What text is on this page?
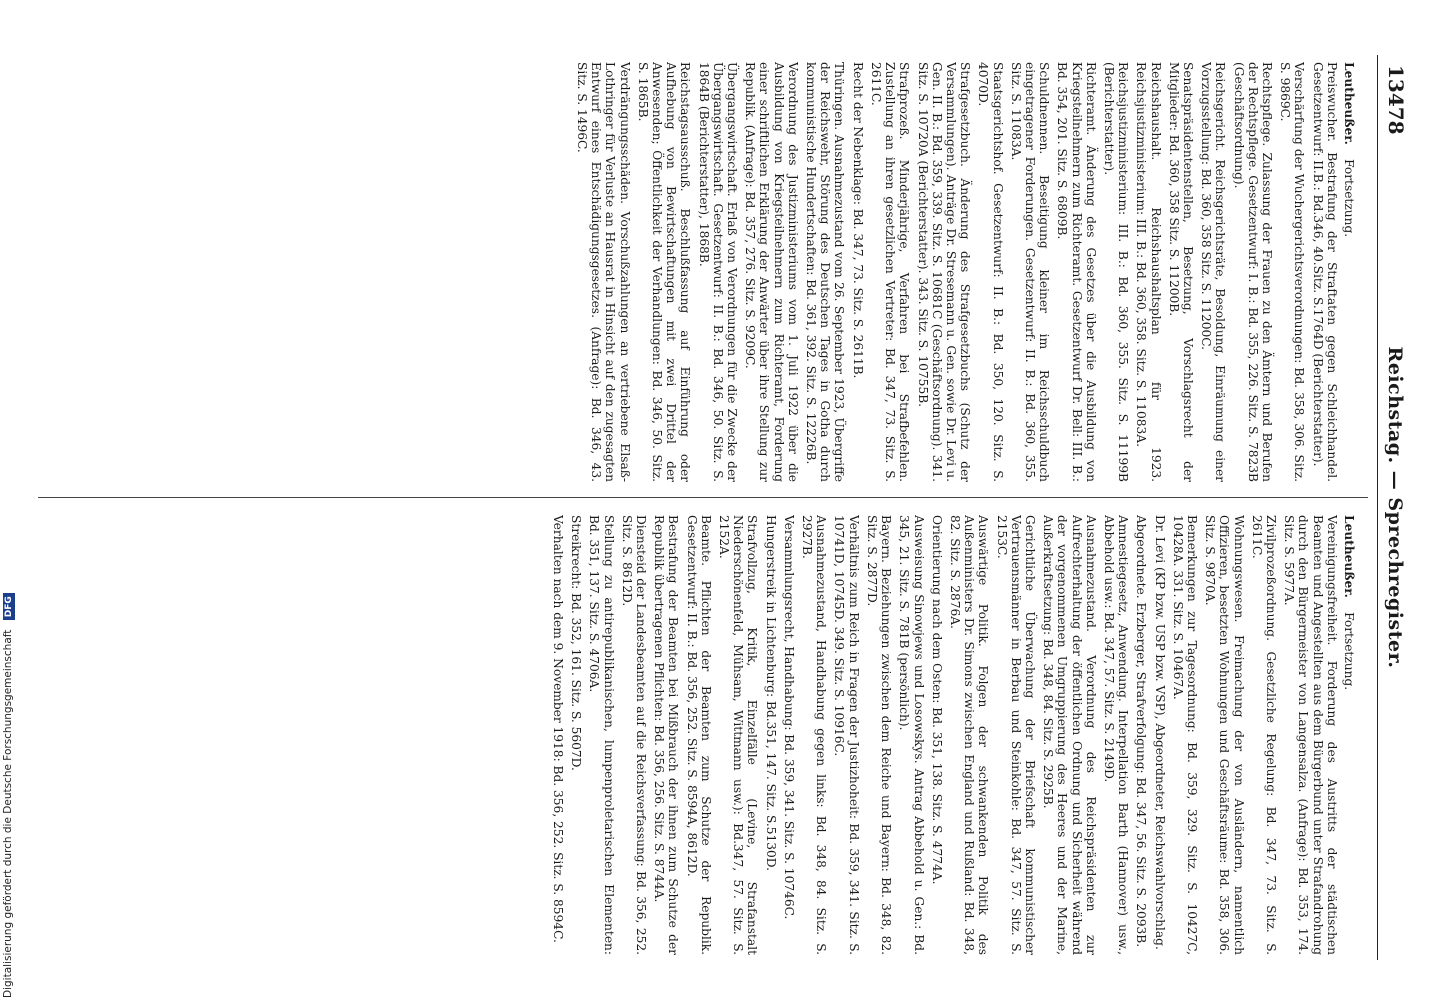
13478
Reichstag. — Sprechregister.
Leutheußer. Fortsetzung.

Preiswucher. Bestrafung der Straftaten gegen Schleichhandel. Gesetzentwurf: II.B.: Bd.346, 40.Sitz. S.1764D (Berichterstatter).

Verschärfung der Wuchergerichtsverordnungen: Bd. 358, 306. Sitz. S. 9869C.

Rechtspflege. Zulassung der Frauen zu den Ämtern und Berufen der Rechtspflege. Gesetzentwurf: I. B.: Bd. 355, 226. Sitz. S. 7823B (Geschäftsordnung).

Reichsgericht. Reichsgerichtsräte, Besoldung, Einräumung einer Vorzugsstellung: Bd. 360, 358 Sitz. S. 11200C.

Senatspräsidentenstellen, Besetzung, Vorschlagsrecht der Mitglieder: Bd. 360, 358 Sitz. S. 11200B.

Reichshaushalt. Reichshaushaltsplan für 1923. Reichsjustizministerium: III. B.: Bd. 360, 358. Sitz. S. 11083A.

Reichsjustizministerium: III. B.: Bd. 360, 355. Sitz. S. 11199B (Berichterstatter).

Richteramt. Änderung des Gesetzes über die Ausbildung von Kriegsteilnehmern zum Richteramt. Gesetzentwurf Dr. Bell: III. B.: Bd. 354, 201. Sitz. S. 6809B.

Schuldnennen. Beseitigung kleiner im Reichsschuldbuch eingetragener Forderungen. Gesetzentwurf: II. B.: Bd. 360, 355. Sitz. S. 11083A.

Staatsgerichtshof. Gesetzentwurf: II. B.: Bd. 350, 120. Sitz. S. 4070D.

Strafgesetzbuch. Änderung des Strafgesetzbuchs (Schutz der Versammlungen). Anträge Dr. Stresemann u. Gen. sowie Dr. Levi u. Gen. II. B.: Bd. 359, 339. Sitz. S. 10681C (Geschäftsordnung). 341. Sitz. S. 10720A (Berichterstatter). 343. Sitz. S. 10755B.

Strafprozeß. Minderjährige, Verfahren bei Strafbefehlen. Zustellung an ihren gesetzlichen Vertreter: Bd. 347, 73. Sitz. S. 2611C.

Recht der Nebenklage: Bd. 347, 73. Sitz. S. 2611B.

Thüringen. Ausnahmezustand vom 26. September 1923, Übergriffe der Reichswehr, Störung des Deutschen Tages in Gotha durch kommunistische Hundertschaften: Bd. 361, 392. Sitz. S. 12226B.

Verordnung des Justizministeriums vom 1. Juli 1922 über die Ausbildung von Kriegsteilnehmern zum Richteramt, Forderung einer schriftlichen Erklärung der Anwärter über ihre Stellung zur Republik. (Anfrage): Bd. 357, 276. Sitz. S. 9209C.

Übergangswirtschaft. Erlaß von Verordnungen für die Zwecke der Übergangswirtschaft. Gesetzentwurf: II. B.: Bd. 346, 50. Sitz. S. 1864B (Berichterstatter), 1868B.

Reichstagsausschuß. Beschlußfassung auf Einführung oder Aufhebung von Bewirtschaftungen mit zwei Drittel der Anwesenden; Öffentlichkeit der Verhandlungen: Bd. 346, 50. Sitz. S. 1865B.

Verdrängungsschäden. Vorschußzahlungen an vertriebene Elsaß-Lothringer für Verluste an Hausrat in Hinsicht auf den zugesagten Entwurf eines Entschädigungsgesetzes. (Anfrage): Bd. 346, 43. Sitz. S. 1496C.

Leutheußer. Fortsetzung.

Vereinigungsfreiheit. Forderung des Austritts der städtischen Beamten und Angestellten aus dem Bürgerbund unter Strafandrohung durch den Bürgermeister von Langensalza. (Anfrage): Bd. 353, 174. Sitz. S. 5977A.

Zivilprozeßordnung. Gesetzliche Regelung: Bd. 347, 73. Sitz. S. 2611C.

Wohnungswesen. Freimachung der von Ausländern, namentlich Offizieren, besetzten Wohnungen und Geschäftsräume: Bd. 358, 306. Sitz. S. 9870A.

Bemerkungen zur Tagesordnung: Bd. 359, 329. Sitz. S. 10427C, 10428A. 331. Sitz. S. 10467A.

Dr. Levi (KP bzw. USP bzw. VSP), Abgeordneter, Reichswahlvorschlag.

Abgeordnete. Erzberger, Strafverfolgung: Bd. 347, 56. Sitz. S. 2093B.

Amnestiegesetz, Anwendung. Interpellation Barth (Hannover) usw., Abbehold usw.: Bd. 347, 57. Sitz. S. 2149D.

Ausnahmezustand. Verordnung des Reichspräsidenten zur Aufrechterhaltung der öffentlichen Ordnung und Sicherheit während der vorgenommenen Umgruppierung des Heeres und der Marine, Außerkraftsetzung: Bd. 348, 84. Sitz. S. 2925B.

Gerichtliche Überwachung der Briefschaft kommunistischer Vertrauensmänner in Berbau und Steinkohle: Bd. 347, 57. Sitz. S. 2153C.

Auswärtige Politik. Folgen der schwankenden Politik des Außenministers Dr. Simons zwischen England und Rußland: Bd. 348, 82. Sitz. S. 2876A.

Orientierung nach dem Osten: Bd. 351, 138. Sitz. S. 4774A.

Ausweisung Sinowjews und Losowskys. Antrag Abbehold u. Gen.: Bd. 345, 21. Sitz. S. 781B (persönlich).

Bayern. Beziehungen zwischen dem Reiche und Bayern: Bd. 348, 82. Sitz. S. 2877D.

Verhältnis zum Reich in Fragen der Justizhoheit: Bd. 359, 341. Sitz. S. 10741D, 10745D. 349. Sitz. S. 10916C.

Ausnahmezustand, Handhabung gegen links: Bd. 348, 84. Sitz. S. 2927B.

Versammlungsrecht, Handhabung: Bd. 359, 341. Sitz. S. 10746C.

Hungerstreik in Lichtenburg: Bd.351, 147. Sitz. S.5130D.

Strafvollzug, Kritik, Einzelfälle (Levine, Strafanstalt Niederschönenfeld, Mühsam, Wittmann usw.): Bd.347, 57. Sitz. S. 2152A.

Beamte. Pflichten der Beamten zum Schutze der Republik. Gesetzentwurf: II. B.: Bd. 356, 252. Sitz. S. 8594A, 8612D.

Bestrafung der Beamten bei Mißbrauch der ihnen zum Schutze der Republik übertragenen Pflichten: Bd. 356, 256. Sitz. S. 8744A.

Diensteid der Landesbeamten auf die Reichsverfassung: Bd. 356, 252. Sitz. S. 8612D.

Stellung zu antirepublikanischen, lumpenproletarischen Elementen: Bd. 351, 137. Sitz. S. 4706A.

Streikrecht: Bd. 352, 161. Sitz. S. 5607D.

Verhalten nach dem 9. November 1918: Bd. 356, 252. Sitz. S. 8594C.

Digitalisierung gefördert durch die Deutsche Forschungsgemeinschaft DFG
